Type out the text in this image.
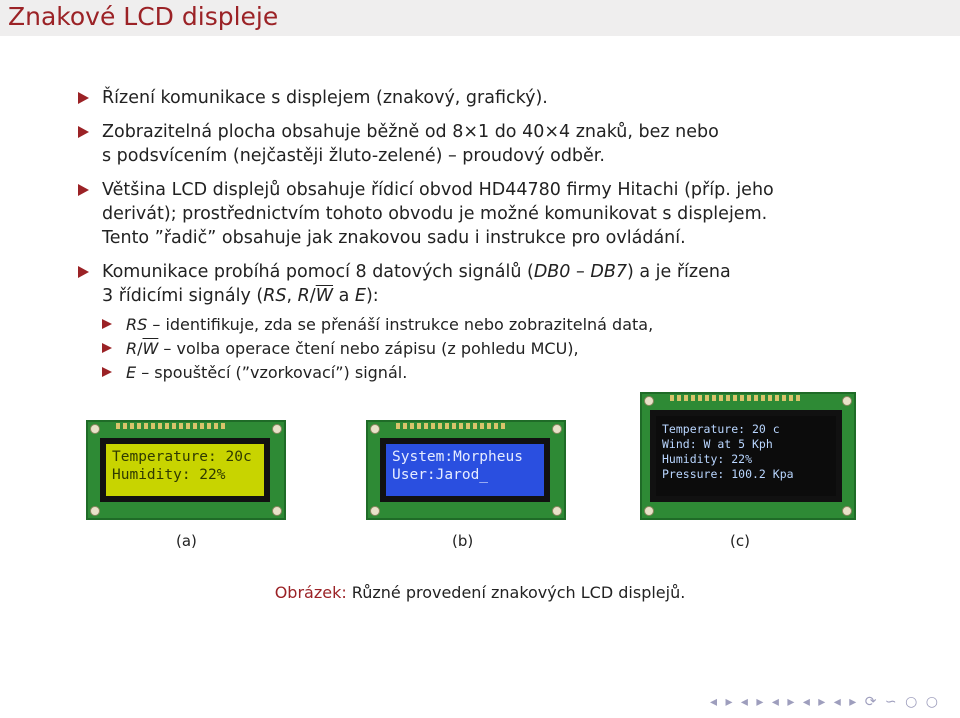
Znakové LCD displeje
Řízení komunikace s displejem (znakový, grafický).
Zobrazitelná plocha obsahuje běžně od 8×1 do 40×4 znaků, bez nebo
s podsvícením (nejčastěji žluto-zelené) – proudový odběr.
Většina LCD displejů obsahuje řídicí obvod HD44780 firmy Hitachi (příp. jeho
derivát); prostřednictvím tohoto obvodu je možné komunikovat s displejem.
Tento ”řadič” obsahuje jak znakovou sadu i instrukce pro ovládání.
Komunikace probíhá pomocí 8 datových signálů (DB0 – DB7) a je řízena
3 řídicími signály (RS, $R/\overline{W}$ a E):
RS – identifikuje, zda se přenáší instrukce nebo zobrazitelná data,
$R/\overline{W}$ – volba operace čtení nebo zápisu (z pohledu MCU),
E – spouštěcí (”vzorkovací”) signál.
Temperature: 20c
Humidity: 22%
System:Morpheus
User:Jarod_
Temperature: 20 c
Wind: W at 5 Kph
Humidity: 22%
Pressure: 100.2 Kpa
(a)	(b)	(c)
Obrázek: Různé provedení znakových LCD displejů.
◂ ▸ ◂ ▸ ◂ ▸ ◂ ▸ ◂ ▸ ⟳ ∽ ○ ○
